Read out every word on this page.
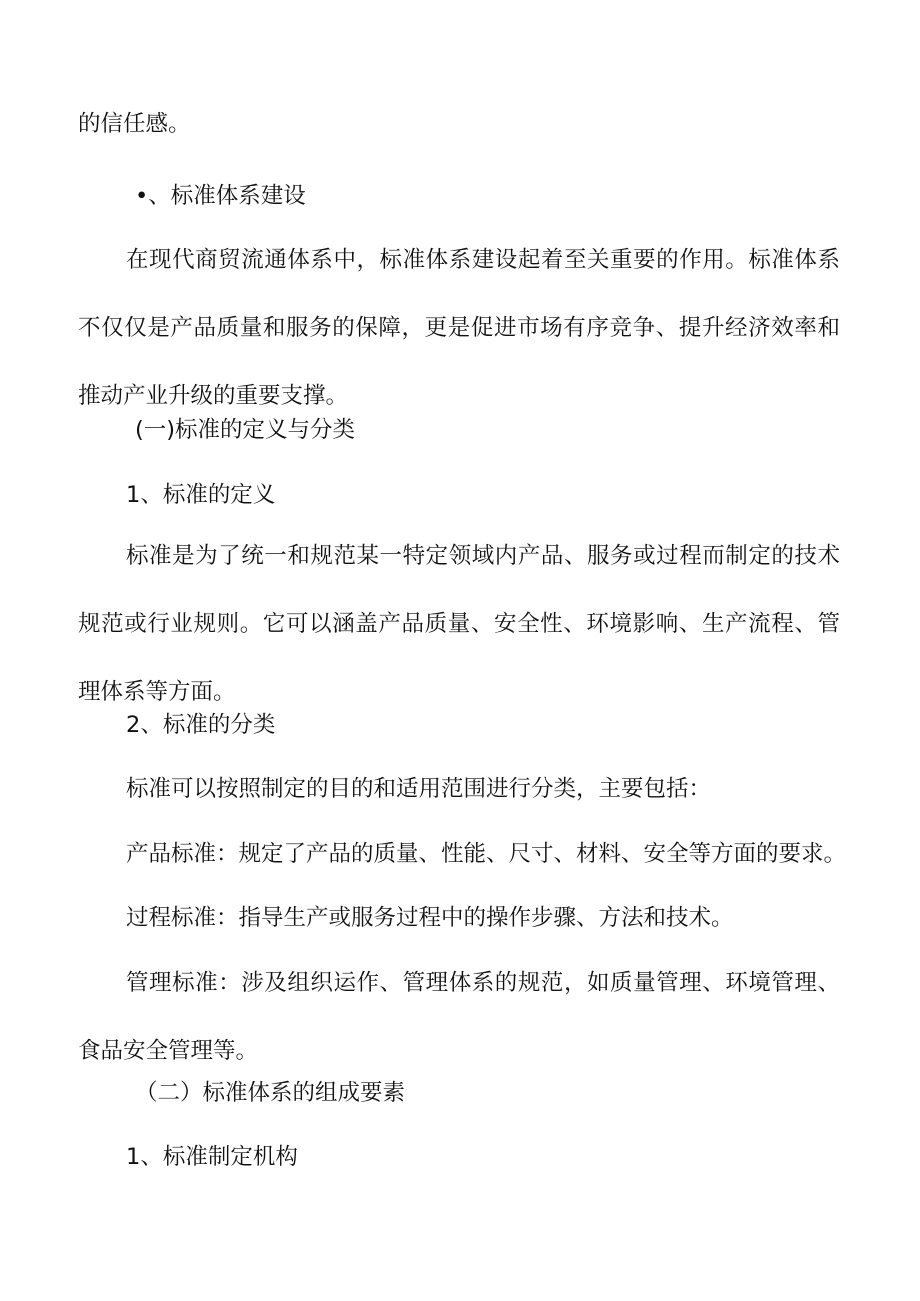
的信任感。
•、标准体系建设

在现代商贸流通体系中，标准体系建设起着至关重要的作用。标准体系不仅仅是产品质量和服务的保障，更是促进市场有序竞争、提升经济效率和推动产业升级的重要支撑。

(一)标准的定义与分类
1、标准的定义

标准是为了统一和规范某一特定领域内产品、服务或过程而制定的技术规范或行业规则。它可以涵盖产品质量、安全性、环境影响、生产流程、管理体系等方面。

2、标准的分类
标准可以按照制定的目的和适用范围进行分类，主要包括：
产品标准：规定了产品的质量、性能、尺寸、材料、安全等方面的要求。
过程标准：指导生产或服务过程中的操作步骤、方法和技术。

管理标准：涉及组织运作、管理体系的规范，如质量管理、环境管理、食品安全管理等。

（二）标准体系的组成要素
1、标准制定机构
